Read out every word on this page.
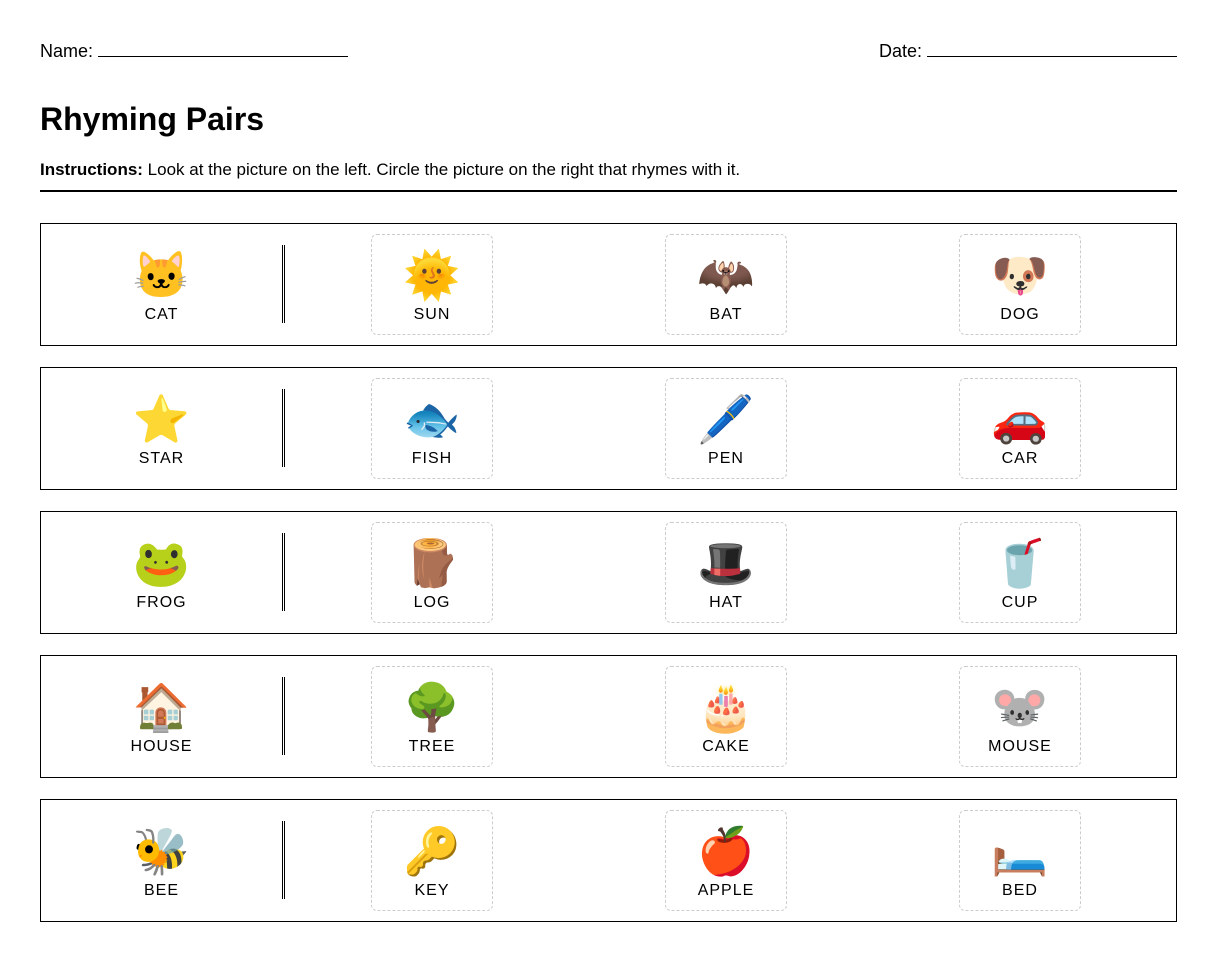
Name:	Date:
Rhyming Pairs
Instructions: Look at the picture on the left. Circle the picture on the right that rhymes with it.
🐱
CAT
🌞
SUN
🦇
BAT
🐶
DOG
⭐
STAR
🐟
FISH
🖊️
PEN
🚗
CAR
🐸
FROG
🪵
LOG
🎩
HAT
🥤
CUP
🏠
HOUSE
🌳
TREE
🎂
CAKE
🐭
MOUSE
🐝
BEE
🔑
KEY
🍎
APPLE
🛏️
BED
